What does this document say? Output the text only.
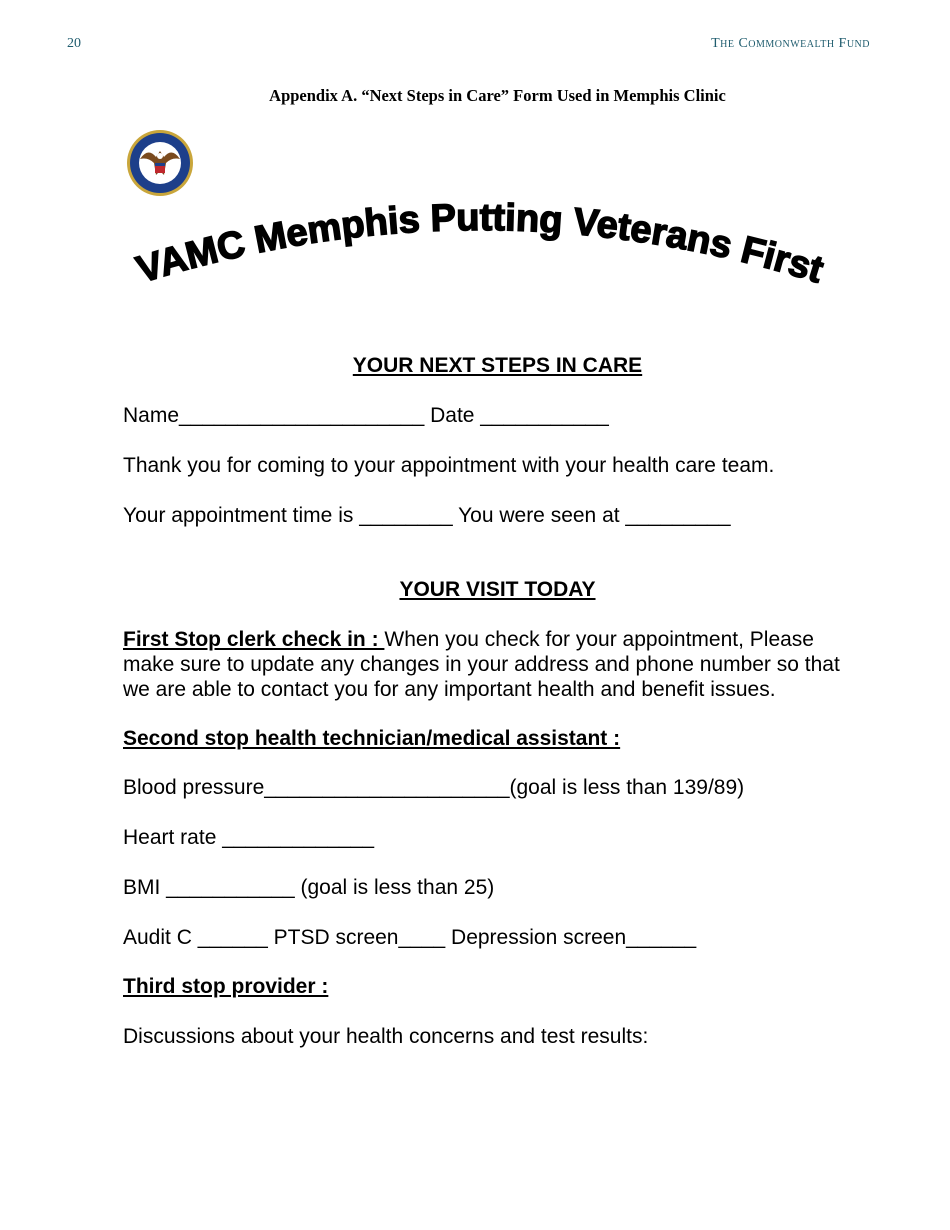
20	The Commonwealth Fund
Appendix A. “Next Steps in Care” Form Used in Memphis Clinic
VAMC Memphis Putting Veterans First
YOUR NEXT STEPS IN CARE
Name_____________________ Date ___________
Thank you for coming to your appointment with your health care team.
Your appointment time is ________ You were seen at _________
YOUR VISIT TODAY
First Stop clerk check in : When you check for your appointment, Please make sure to update any changes in your address and phone number so that we are able to contact you for any important health and benefit issues.
Second stop health technician/medical assistant :
Blood pressure_____________________(goal is less than 139/89)
Heart rate _____________
BMI ___________ (goal is less than 25)
Audit C ______ PTSD screen____ Depression screen______
Third stop provider :
Discussions about your health concerns and test results:
